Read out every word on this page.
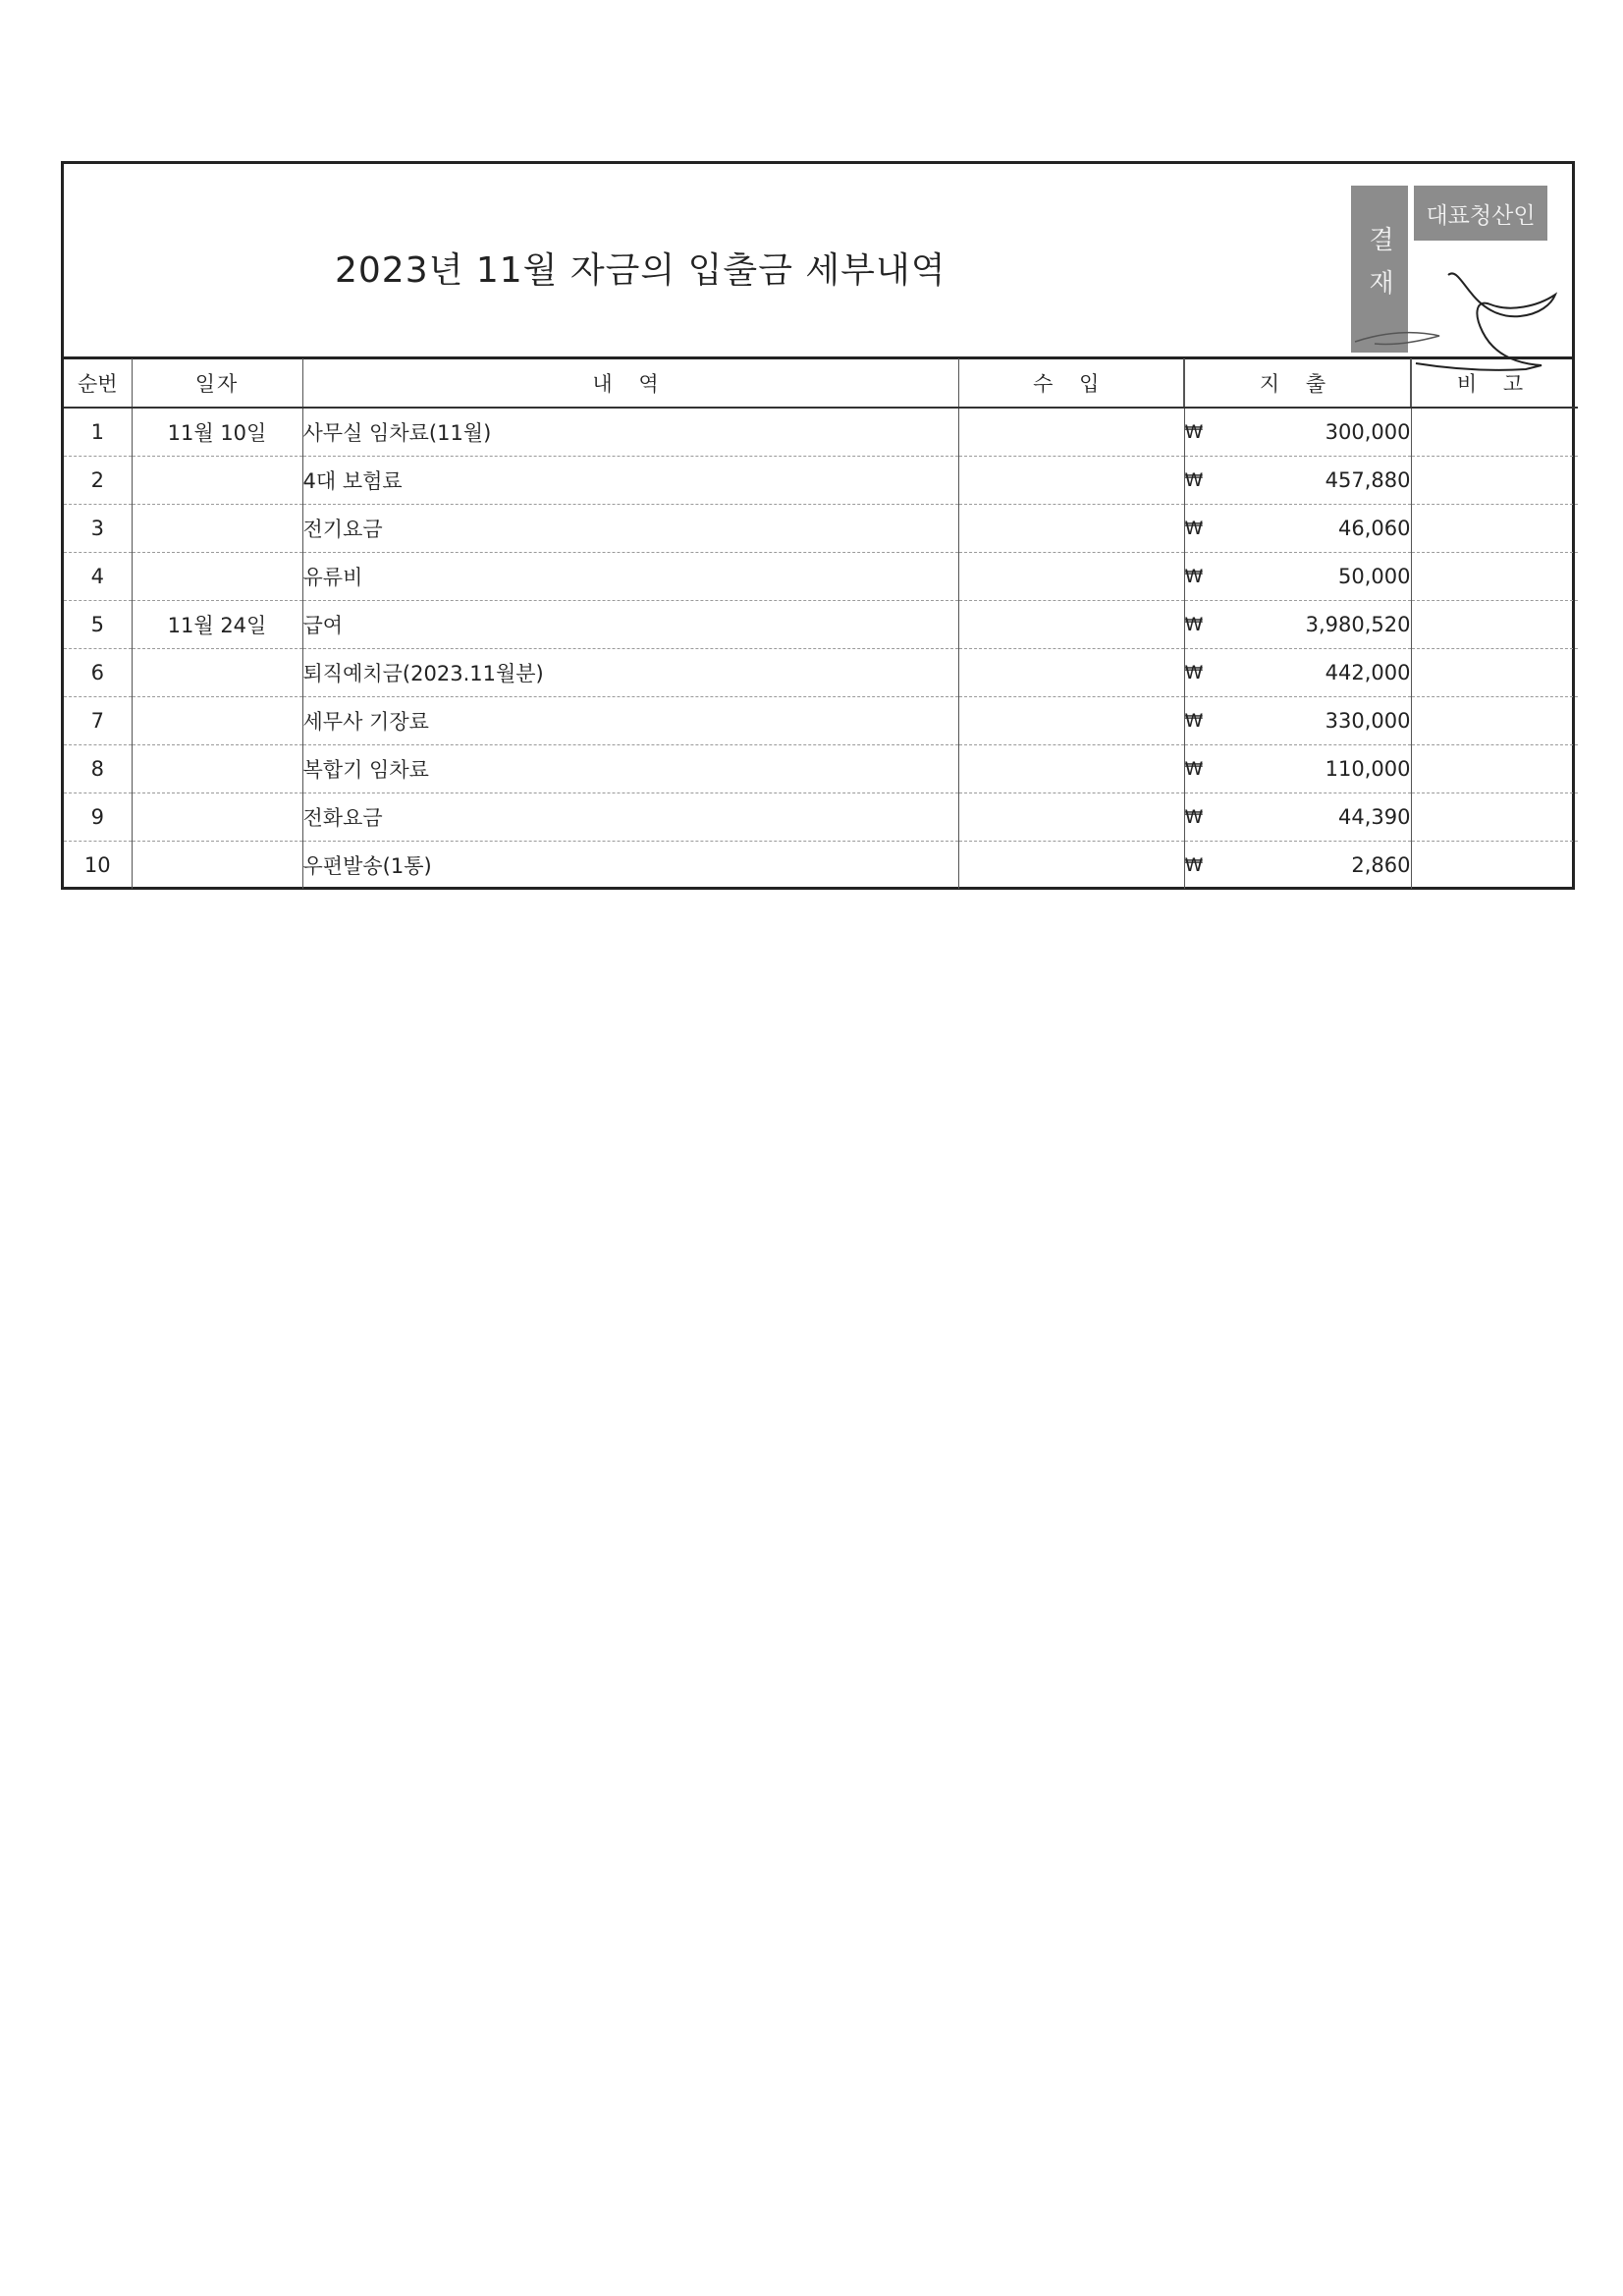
2023년 11월 자금의 입출금 세부내역	결재
대표청산인
순번	일자	내 역	수 입	지 출	비 고
1	11월 10일	사무실 임차료(11월)		₩ 300,000	

2		4대 보험료		₩ 457,880	

3		전기요금		₩ 46,060	

4		유류비		₩ 50,000	

5	11월 24일	급여		₩ 3,980,520	

6		퇴직예치금(2023.11월분)		₩ 442,000	

7		세무사 기장료		₩ 330,000	

8		복합기 임차료		₩ 110,000	

9		전화요금		₩ 44,390	

10		우편발송(1통)		₩ 2,860	
